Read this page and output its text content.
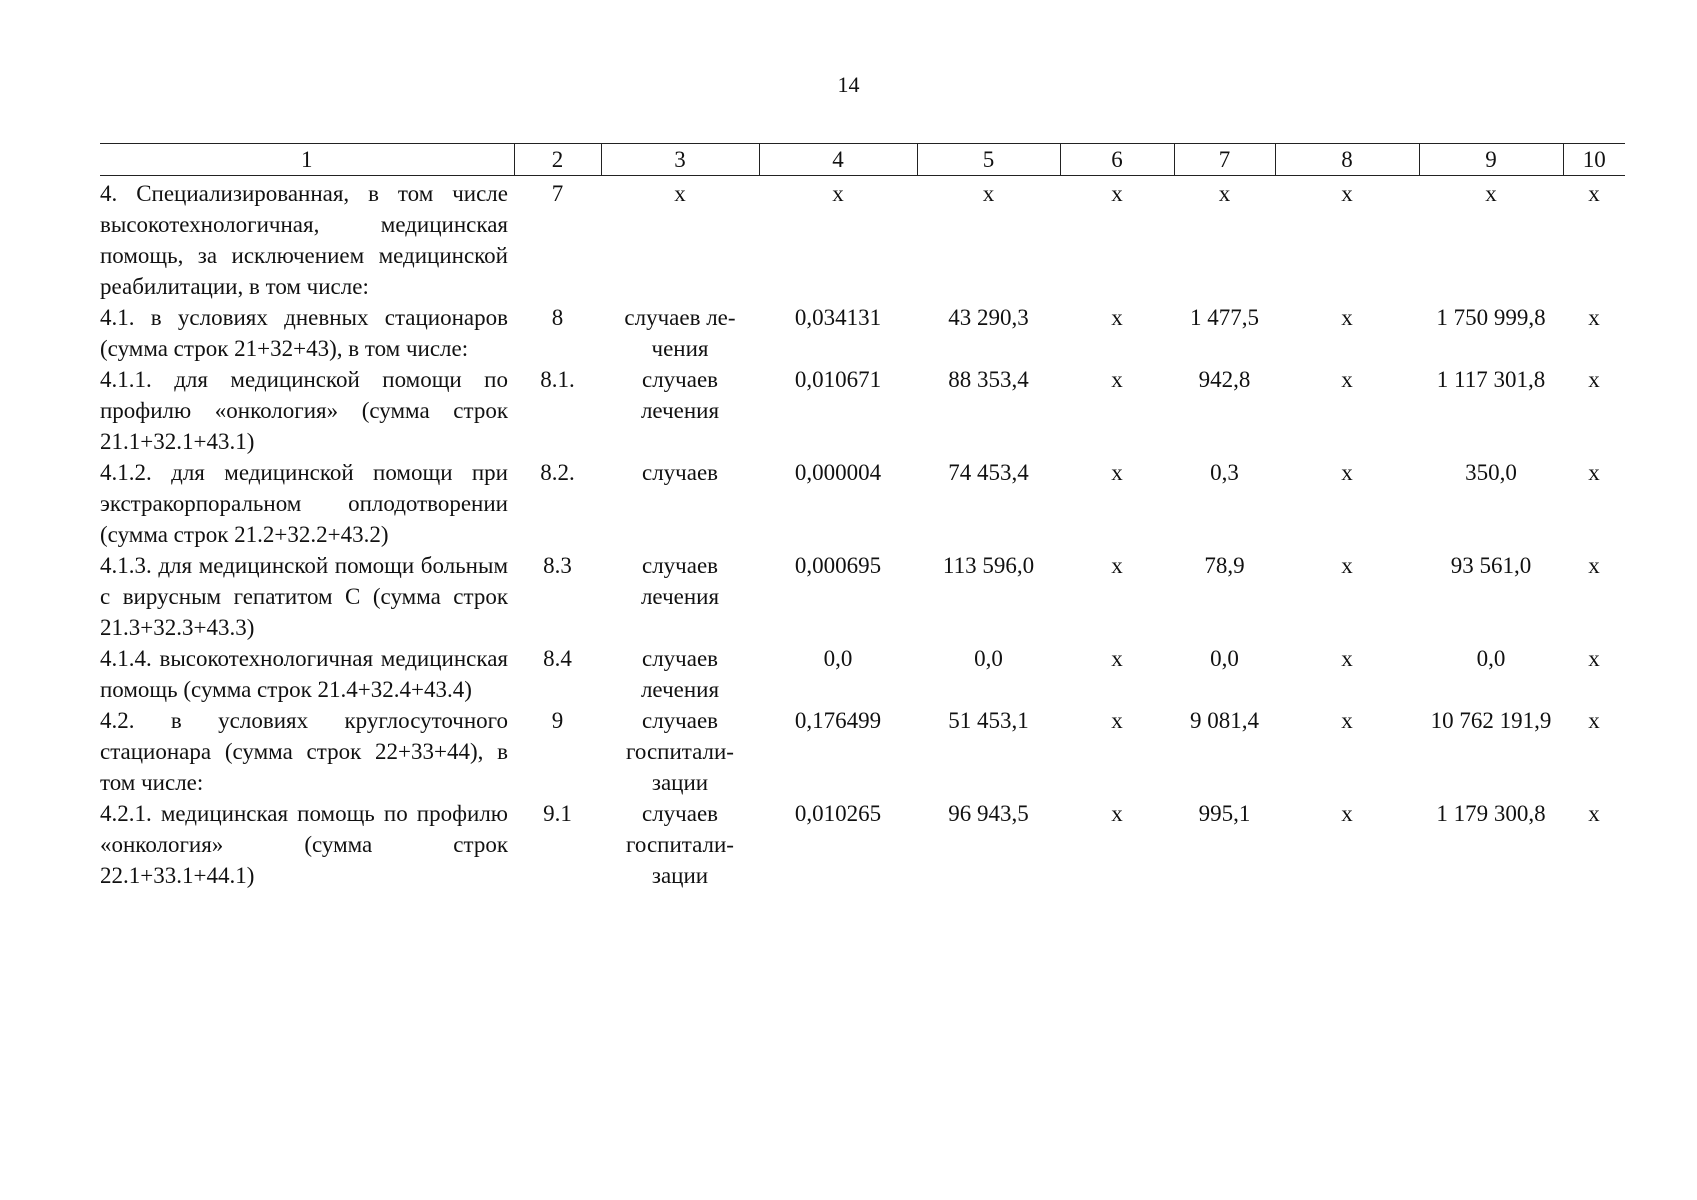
14
1	2	3	4	5	6	7	8	9	10
4. Специализированная, в том числе высокотехнологичная, медицинская помощь, за исключением медицинской реабилитации, в том числе:	7	x	x	x	x	x	x	x	x
4.1. в условиях дневных стационаров (сумма строк 21+32+43), в том числе:	8	случаев ле-чения	0,034131	43 290,3	x	1 477,5	x	1 750 999,8	x
4.1.1. для медицинской помощи по профилю «онкология» (сумма строк 21.1+32.1+43.1)	8.1.	случаев лечения	0,010671	88 353,4	x	942,8	x	1 117 301,8	x
4.1.2. для медицинской помощи при экстракорпоральном оплодотворении (сумма строк 21.2+32.2+43.2)	8.2.	случаев	0,000004	74 453,4	x	0,3	x	350,0	x
4.1.3. для медицинской помощи больным с вирусным гепатитом С (сумма строк 21.3+32.3+43.3)	8.3	случаев лечения	0,000695	113 596,0	x	78,9	x	93 561,0	x
4.1.4. высокотехнологичная медицинская помощь (сумма строк 21.4+32.4+43.4)	8.4	случаев лечения	0,0	0,0	x	0,0	x	0,0	x
4.2. в условиях круглосуточного стационара (сумма строк 22+33+44), в том числе:	9	случаев госпитали-зации	0,176499	51 453,1	x	9 081,4	x	10 762 191,9	x
4.2.1. медицинская помощь по профилю «онкология» (сумма строк 22.1+33.1+44.1)	9.1	случаев госпитали-зации	0,010265	96 943,5	x	995,1	x	1 179 300,8	x
